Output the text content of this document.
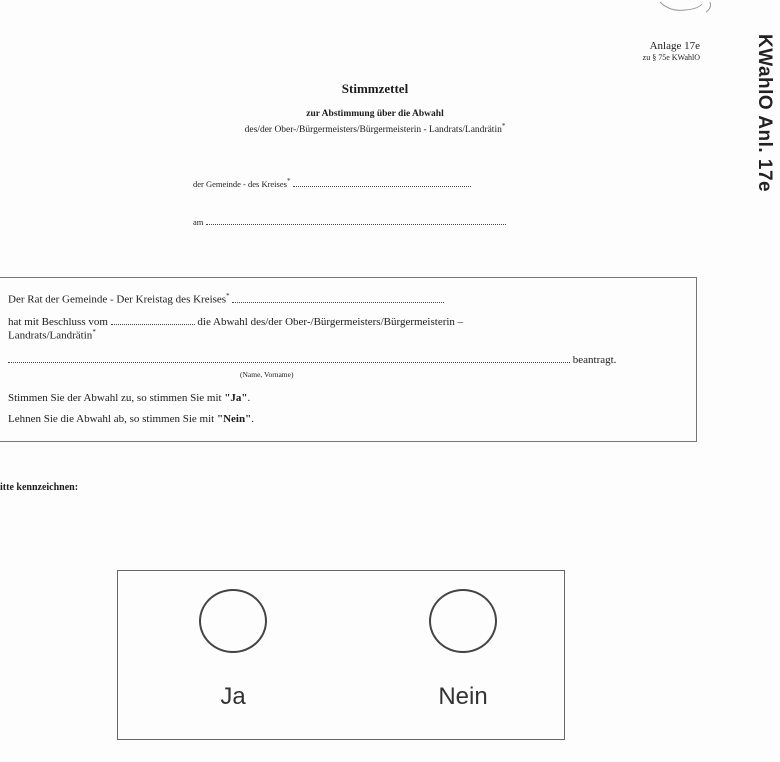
KWahlO Anl. 17e
Anlage 17e
zu § 75e KWahlO
Stimmzettel
zur Abstimmung über die Abwahl
des/der Ober-/Bürgermeisters/Bürgermeisterin - Landrats/Landrätin*
der Gemeinde - des Kreises*
am
Der Rat der Gemeinde - Der Kreistag des Kreises*
hat mit Beschluss vom	die Abwahl des/der Ober-/Bürgermeisters/Bürgermeisterin –
Landrats/Landrätin*
beantragt.
(Name, Vorname)
Stimmen Sie der Abwahl zu, so stimmen Sie mit "Ja".
Lehnen Sie die Abwahl ab, so stimmen Sie mit "Nein".
itte kennzeichnen:
Ja	Nein
